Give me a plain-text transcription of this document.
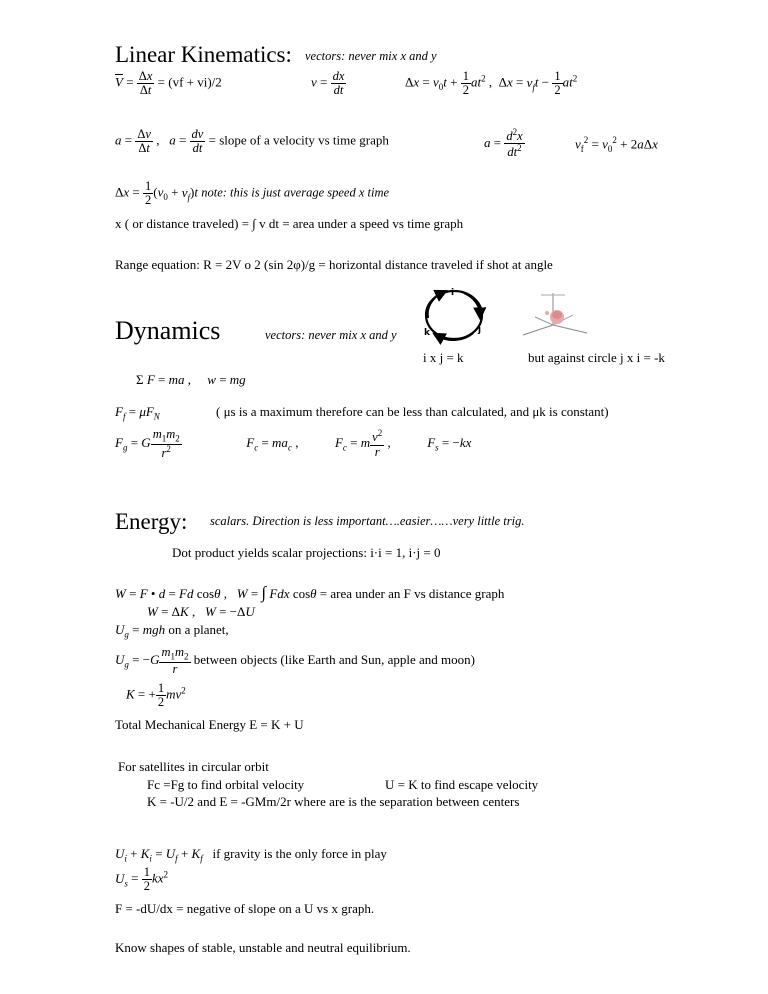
Linear Kinematics: vectors: never mix x and y
$\overline{V} = \frac{\Delta x}{\Delta t} = (vf + vi)/2$	$v = \frac{dx}{dt}$	$\Delta x = v_0t + \frac{1}{2} at^2$ ,  $\Delta x = v_ft - \frac{1}{2} at^2$
$a = \frac{\Delta v}{\Delta t}$ ,   $a = \frac{dv}{dt}$ = slope of a velocity vs time graph	$a = \frac{d^2x}{dt^2}$	$v_f^2 = v_0^2 + 2a\Delta x$
$\Delta x = \frac{1}{2} (v_0 + v_f)t$ note: this is just average speed x time
x ( or distance traveled) = ∫ v dt = area under a speed vs time graph
Range equation: R = 2V o 2 (sin 2φ)/g = horizontal distance traveled if shot at angle
Dynamics	vectors: never mix x and y
i
j
k
i x j = k	but against circle j x i = -k
Σ F = ma ,     w = mg
$F_f = \mu F_N$	( μs is a maximum therefore can be less than calculated, and μk is constant)
$F_g = G \frac{m_1m_2}{r^2}$	$F_c = ma_c$ ,	$F_c = m \frac{v^2}{r}$ ,	$F_s = -kx$
Energy: scalars. Direction is less important….easier……very little trig.
Dot product yields scalar projections: i·i = 1, i·j = 0
W = F • d = Fd cosθ ,   W = ∫ Fdx cosθ = area under an F vs distance graph
W = ΔK ,   W = −ΔU
$U_g$ = mgh on a planet,
$U_g = -G \frac{m_1m_2}{r}$ between objects (like Earth and Sun, apple and moon)
K = + $\frac{1}{2} mv^2$
Total Mechanical Energy E = K + U
For satellites in circular orbit
Fc =Fg to find orbital velocity	U = K to find escape velocity
K = -U/2 and E = -GMm/2r where are is the separation between centers
$U_i + K_i = U_f + K_f$ if gravity is the only force in play
$U_s = \frac{1}{2} kx^2$
F = -dU/dx = negative of slope on a U vs x graph.
Know shapes of stable, unstable and neutral equilibrium.
